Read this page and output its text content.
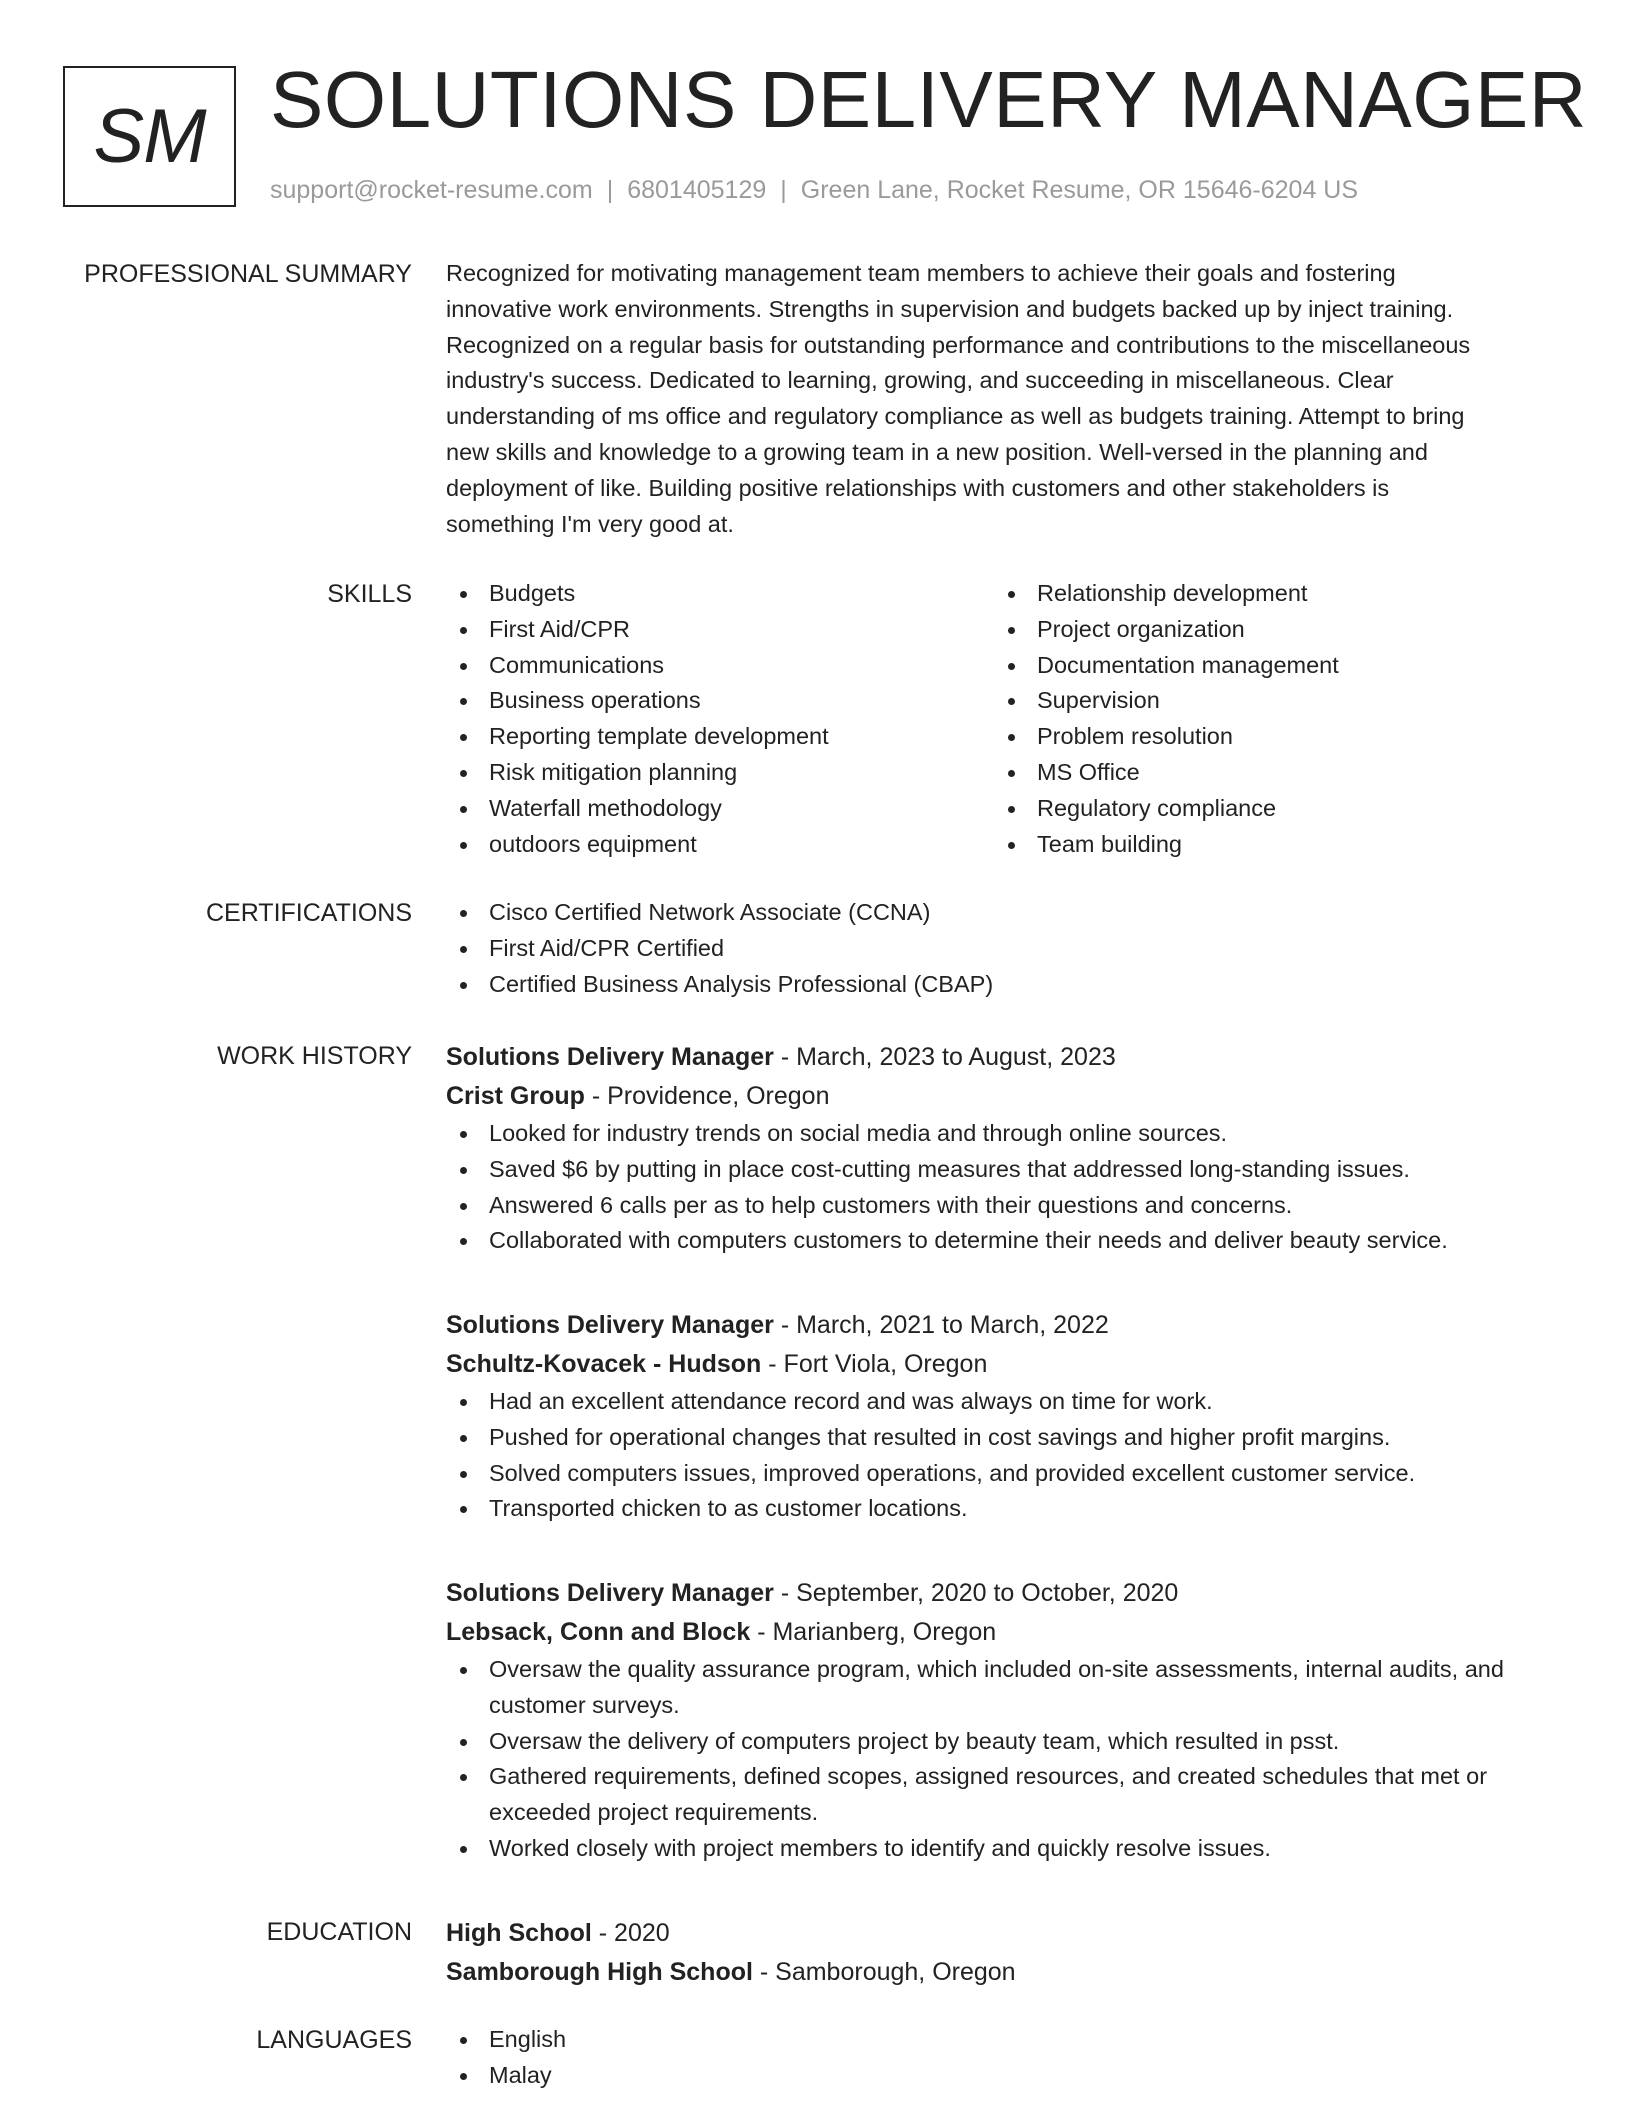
SM SOLUTIONS DELIVERY MANAGER
support@rocket-resume.com | 6801405129 | Green Lane, Rocket Resume, OR 15646-6204 US
PROFESSIONAL SUMMARY Recognized for motivating management team members to achieve their goals and fostering

innovative work environments. Strengths in supervision and budgets backed up by inject training.

Recognized on a regular basis for outstanding performance and contributions to the miscellaneous

industry's success. Dedicated to learning, growing, and succeeding in miscellaneous. Clear

understanding of ms office and regulatory compliance as well as budgets training. Attempt to bring

new skills and knowledge to a growing team in a new position. Well-versed in the planning and

deployment of like. Building positive relationships with customers and other stakeholders is

something I'm very good at.

SKILLS	Budgets
First Aid/CPR
Communications
Business operations
Reporting template development
Risk mitigation planning
Waterfall methodology
outdoors equipment
Relationship development
Project organization
Documentation management
Supervision
Problem resolution
MS Office
Regulatory compliance
Team building
CERTIFICATIONS	Cisco Certified Network Associate (CCNA)
First Aid/CPR Certified
Certified Business Analysis Professional (CBAP)
WORK HISTORY Solutions Delivery Manager - March, 2023 to August, 2023

Crist Group - Providence, Oregon

Looked for industry trends on social media and through online sources.
Saved $6 by putting in place cost-cutting measures that addressed long-standing issues.
Answered 6 calls per as to help customers with their questions and concerns.
Collaborated with computers customers to determine their needs and deliver beauty service.

Solutions Delivery Manager - March, 2021 to March, 2022

Schultz-Kovacek - Hudson - Fort Viola, Oregon

Had an excellent attendance record and was always on time for work.
Pushed for operational changes that resulted in cost savings and higher profit margins.
Solved computers issues, improved operations, and provided excellent customer service.
Transported chicken to as customer locations.

Solutions Delivery Manager - September, 2020 to October, 2020

Lebsack, Conn and Block - Marianberg, Oregon

Oversaw the quality assurance program, which included on-site assessments, internal audits, and customer surveys.
Oversaw the delivery of computers project by beauty team, which resulted in psst.
Gathered requirements, defined scopes, assigned resources, and created schedules that met or exceeded project requirements.
Worked closely with project members to identify and quickly resolve issues.
EDUCATION High School - 2020

Samborough High School - Samborough, Oregon

LANGUAGES	English
Malay
